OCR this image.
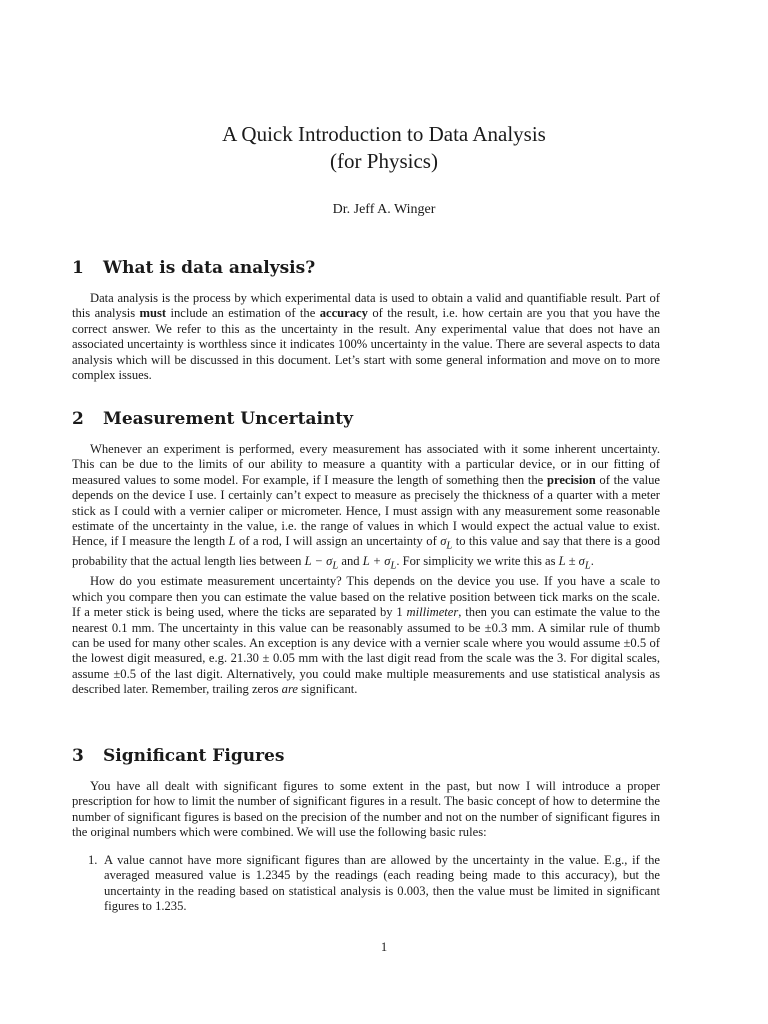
A Quick Introduction to Data Analysis
(for Physics)
Dr. Jeff A. Winger
1 What is data analysis?

Data analysis is the process by which experimental data is used to obtain a valid and quantifiable result. Part of this analysis must include an estimation of the accuracy of the result, i.e. how certain are you that you have the correct answer. We refer to this as the uncertainty in the result. Any experimental value that does not have an associated uncertainty is worthless since it indicates 100% uncertainty in the value. There are several aspects to data analysis which will be discussed in this document. Let’s start with some general information and move on to more complex issues.

2 Measurement Uncertainty

Whenever an experiment is performed, every measurement has associated with it some inherent uncertainty. This can be due to the limits of our ability to measure a quantity with a particular device, or in our fitting of measured values to some model. For example, if I measure the length of something then the precision of the value depends on the device I use. I certainly can’t expect to measure as precisely the thickness of a quarter with a meter stick as I could with a vernier caliper or micrometer. Hence, I must assign with any measurement some reasonable estimate of the uncertainty in the value, i.e. the range of values in which I would expect the actual value to exist. Hence, if I measure the length L of a rod, I will assign an uncertainty of $\sigma_L$ to this value and say that there is a good probability that the actual length lies between $L - \sigma_L$ and $L + \sigma_L$. For simplicity we write this as $L \pm \sigma_L$.

How do you estimate measurement uncertainty? This depends on the device you use. If you have a scale to which you compare then you can estimate the value based on the relative position between tick marks on the scale. If a meter stick is being used, where the ticks are separated by 1 millimeter, then you can estimate the value to the nearest 0.1 mm. The uncertainty in this value can be reasonably assumed to be ±0.3 mm. A similar rule of thumb can be used for many other scales. An exception is any device with a vernier scale where you would assume ±0.5 of the lowest digit measured, e.g. 21.30 ± 0.05 mm with the last digit read from the scale was the 3. For digital scales, assume ±0.5 of the last digit. Alternatively, you could make multiple measurements and use statistical analysis as described later. Remember, trailing zeros are significant.

3 Significant Figures

You have all dealt with significant figures to some extent in the past, but now I will introduce a proper prescription for how to limit the number of significant figures in a result. The basic concept of how to determine the number of significant figures is based on the precision of the number and not on the number of significant figures in the original numbers which were combined. We will use the following basic rules:

1. A value cannot have more significant figures than are allowed by the uncertainty in the value. E.g., if the averaged measured value is 1.2345 by the readings (each reading being made to this accuracy), but the uncertainty in the reading based on statistical analysis is 0.003, then the value must be limited in significant figures to 1.235.
1
